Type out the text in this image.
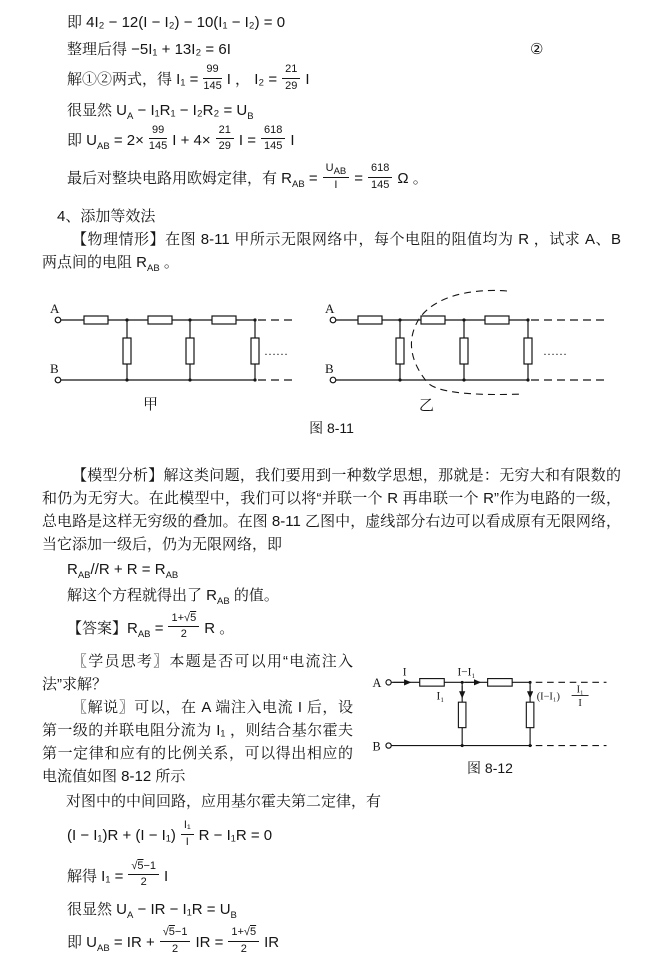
即 4I₂ − 12(I − I₂) − 10(I₁ − I₂) = 0
整理后得 −5I₁ + 13I₂ = 6I	②
解①②两式，得 $I_1 = \frac{99}{145}$ I ， $I_2 = \frac{21}{29}$ I
很显然 $U_A - I_1R_1 - I_2R_2 = U_B$
即 $U_{AB} = 2\times \frac{99}{145}$ $I + 4\times \frac{21}{29}$ $I = \frac{618}{145}$ I
最后对整块电路用欧姆定律，有 $R_{AB} = \frac{U_{AB}}{I} = \frac{618}{145}$ Ω 。
4、添加等效法

【物理情形】在图 8-11 甲所示无限网络中，每个电阻的阻值均为 R ，试求 A、B 两点间的电阻 $R_{AB}$ 。

A
B
……
甲
A
B
……
乙
图 8-11

【模型分析】解这类问题，我们要用到一种数学思想，那就是：无穷大和有限数的和仍为无穷大。在此模型中，我们可以将“并联一个 R 再串联一个 R”作为电路的一级，总电路是这样无穷级的叠加。在图 8-11 乙图中，虚线部分右边可以看成原有无限网络，当它添加一级后，仍为无限网络，即

$R_{AB}//R + R = R_{AB}$
解这个方程就得出了 $R_{AB}$ 的值。
【答案】$R_{AB} = \frac{1+√5}{2}$ R 。
A
B
I	I−I₁
I₁	(I−I₁)
I₁
I
图 8-12

〖学员思考〗本题是否可以用“电流注入法”求解？

〖解说〗可以，在 A 端注入电流 I 后，设第一级的并联电阻分流为 I₁ ，则结合基尔霍夫第一定律和应有的比例关系，可以得出相应的电流值如图 8-12 所示

对图中的中间回路，应用基尔霍夫第二定律，有

$(I - I_1)R + (I - I_1) \frac{\text{I₁}}{I}$ R − I₁R = 0
解得 $I_1 = \frac{√5-1}{2}$ I
很显然 $U_A$ − IR − $I_1R = U_B$
即 $U_{AB}$ = IR + $\frac{√5-1}{2}$ IR = $\frac{1+√5}{2}$ IR
